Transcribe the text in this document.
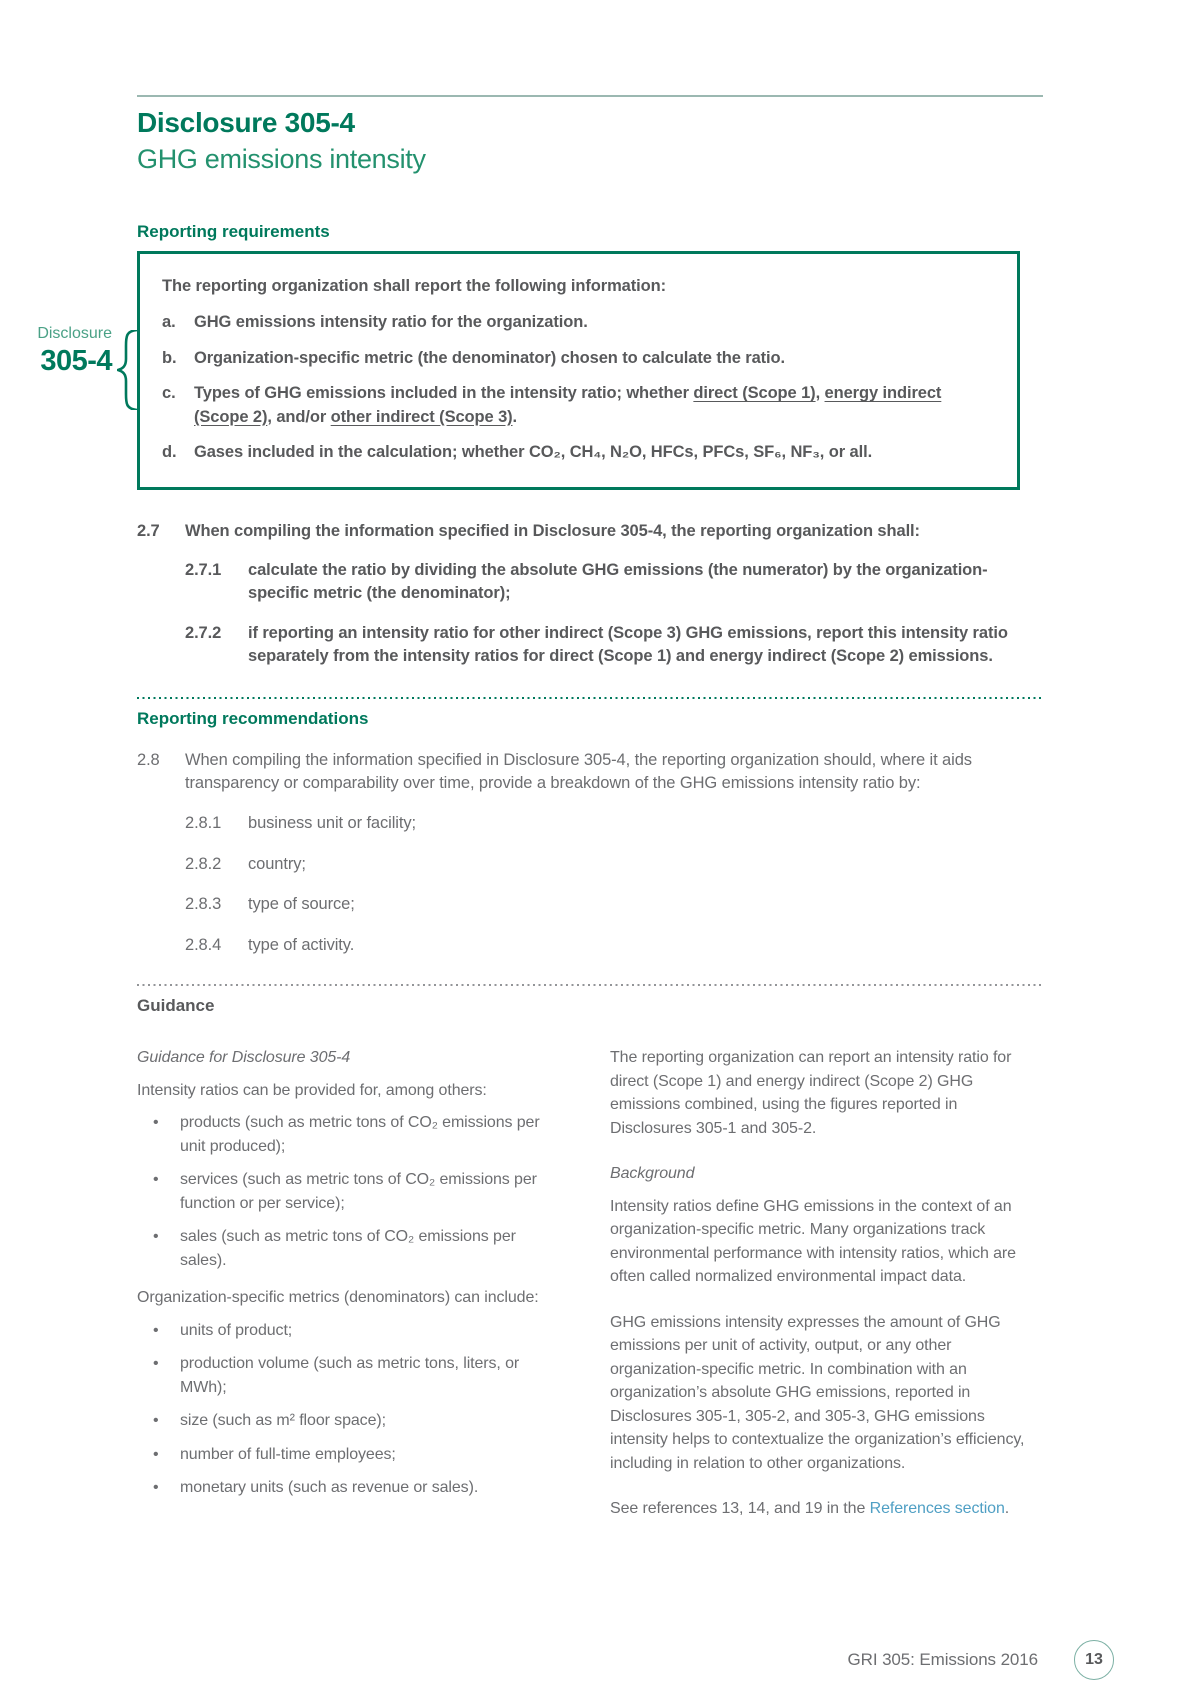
Disclosure
305-4
Disclosure 305-4
GHG emissions intensity
Reporting requirements
The reporting organization shall report the following information:
a.	GHG emissions intensity ratio for the organization.
b.	Organization-specific metric (the denominator) chosen to calculate the ratio.
c.	Types of GHG emissions included in the intensity ratio; whether direct (Scope 1), energy indirect (Scope 2), and/or other indirect (Scope 3).
d.	Gases included in the calculation; whether CO₂, CH₄, N₂O, HFCs, PFCs, SF₆, NF₃, or all.
2.7	When compiling the information specified in Disclosure 305-4, the reporting organization shall:
2.7.1	calculate the ratio by dividing the absolute GHG emissions (the numerator) by the organization-specific metric (the denominator);
2.7.2	if reporting an intensity ratio for other indirect (Scope 3) GHG emissions, report this intensity ratio separately from the intensity ratios for direct (Scope 1) and energy indirect (Scope 2) emissions.
Reporting recommendations
2.8	When compiling the information specified in Disclosure 305-4, the reporting organization should, where it aids transparency or comparability over time, provide a breakdown of the GHG emissions intensity ratio by:
2.8.1	business unit or facility;
2.8.2	country;
2.8.3	type of source;
2.8.4	type of activity.
Guidance
Guidance for Disclosure 305-4
Intensity ratios can be provided for, among others:
• products (such as metric tons of CO₂ emissions per unit produced);
• services (such as metric tons of CO₂ emissions per function or per service);
• sales (such as metric tons of CO₂ emissions per sales).
Organization-specific metrics (denominators) can include:
• units of product;
• production volume (such as metric tons, liters, or MWh);
• size (such as m² floor space);
• number of full-time employees;
• monetary units (such as revenue or sales).
The reporting organization can report an intensity ratio for direct (Scope 1) and energy indirect (Scope 2) GHG emissions combined, using the figures reported in Disclosures 305-1 and 305-2.
Background
Intensity ratios define GHG emissions in the context of an organization-specific metric. Many organizations track environmental performance with intensity ratios, which are often called normalized environmental impact data.
GHG emissions intensity expresses the amount of GHG emissions per unit of activity, output, or any other organization-specific metric. In combination with an organization’s absolute GHG emissions, reported in Disclosures 305-1, 305-2, and 305-3, GHG emissions intensity helps to contextualize the organization’s efficiency, including in relation to other organizations.
See references 13, 14, and 19 in the References section.
GRI 305: Emissions 2016	13
